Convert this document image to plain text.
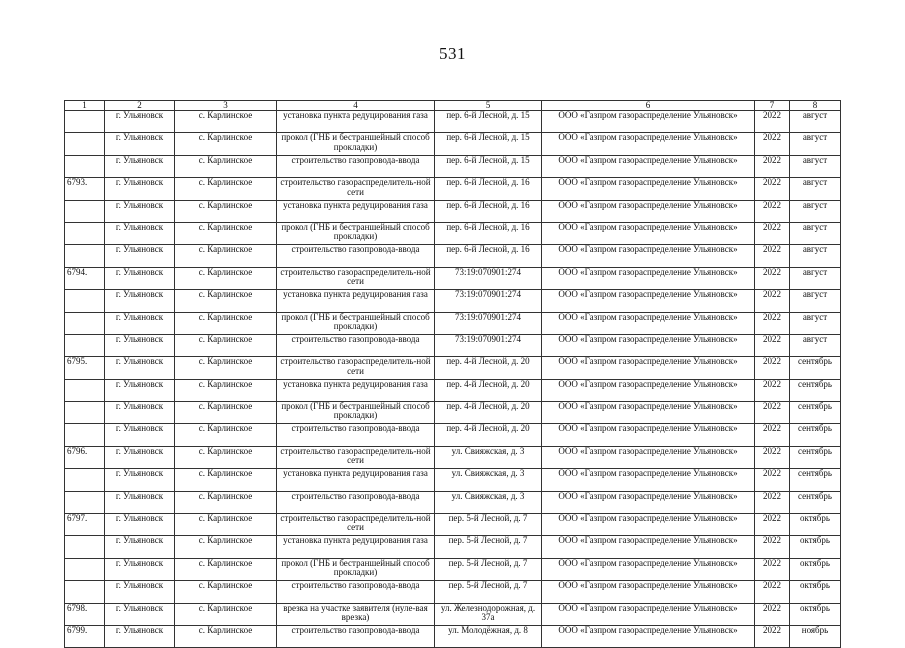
531
1	2	3	4	5	6	7	8
	г. Ульяновск	с. Карлинское	установка пункта редуцирования газа	пер. 6-й Лесной, д. 15	ООО «Газпром газораспределение Ульяновск»	2022	август
	г. Ульяновск	с. Карлинское	прокол (ГНБ и бестраншейный способ прокладки)	пер. 6-й Лесной, д. 15	ООО «Газпром газораспределение Ульяновск»	2022	август
	г. Ульяновск	с. Карлинское	строительство газопровода-ввода	пер. 6-й Лесной, д. 15	ООО «Газпром газораспределение Ульяновск»	2022	август
6793.	г. Ульяновск	с. Карлинское	строительство газораспределитель-ной сети	пер. 6-й Лесной, д. 16	ООО «Газпром газораспределение Ульяновск»	2022	август
	г. Ульяновск	с. Карлинское	установка пункта редуцирования газа	пер. 6-й Лесной, д. 16	ООО «Газпром газораспределение Ульяновск»	2022	август
	г. Ульяновск	с. Карлинское	прокол (ГНБ и бестраншейный способ прокладки)	пер. 6-й Лесной, д. 16	ООО «Газпром газораспределение Ульяновск»	2022	август
	г. Ульяновск	с. Карлинское	строительство газопровода-ввода	пер. 6-й Лесной, д. 16	ООО «Газпром газораспределение Ульяновск»	2022	август
6794.	г. Ульяновск	с. Карлинское	строительство газораспределитель-ной сети	73:19:070901:274	ООО «Газпром газораспределение Ульяновск»	2022	август
	г. Ульяновск	с. Карлинское	установка пункта редуцирования газа	73:19:070901:274	ООО «Газпром газораспределение Ульяновск»	2022	август
	г. Ульяновск	с. Карлинское	прокол (ГНБ и бестраншейный способ прокладки)	73:19:070901:274	ООО «Газпром газораспределение Ульяновск»	2022	август
	г. Ульяновск	с. Карлинское	строительство газопровода-ввода	73:19:070901:274	ООО «Газпром газораспределение Ульяновск»	2022	август
6795.	г. Ульяновск	с. Карлинское	строительство газораспределитель-ной сети	пер. 4-й Лесной, д. 20	ООО «Газпром газораспределение Ульяновск»	2022	сентябрь
	г. Ульяновск	с. Карлинское	установка пункта редуцирования газа	пер. 4-й Лесной, д. 20	ООО «Газпром газораспределение Ульяновск»	2022	сентябрь
	г. Ульяновск	с. Карлинское	прокол (ГНБ и бестраншейный способ прокладки)	пер. 4-й Лесной, д. 20	ООО «Газпром газораспределение Ульяновск»	2022	сентябрь
	г. Ульяновск	с. Карлинское	строительство газопровода-ввода	пер. 4-й Лесной, д. 20	ООО «Газпром газораспределение Ульяновск»	2022	сентябрь
6796.	г. Ульяновск	с. Карлинское	строительство газораспределитель-ной сети	ул. Свияжская, д. 3	ООО «Газпром газораспределение Ульяновск»	2022	сентябрь
	г. Ульяновск	с. Карлинское	установка пункта редуцирования газа	ул. Свияжская, д. 3	ООО «Газпром газораспределение Ульяновск»	2022	сентябрь
	г. Ульяновск	с. Карлинское	строительство газопровода-ввода	ул. Свияжская, д. 3	ООО «Газпром газораспределение Ульяновск»	2022	сентябрь
6797.	г. Ульяновск	с. Карлинское	строительство газораспределитель-ной сети	пер. 5-й Лесной, д. 7	ООО «Газпром газораспределение Ульяновск»	2022	октябрь
	г. Ульяновск	с. Карлинское	установка пункта редуцирования газа	пер. 5-й Лесной, д. 7	ООО «Газпром газораспределение Ульяновск»	2022	октябрь
	г. Ульяновск	с. Карлинское	прокол (ГНБ и бестраншейный способ прокладки)	пер. 5-й Лесной, д. 7	ООО «Газпром газораспределение Ульяновск»	2022	октябрь
	г. Ульяновск	с. Карлинское	строительство газопровода-ввода	пер. 5-й Лесной, д. 7	ООО «Газпром газораспределение Ульяновск»	2022	октябрь
6798.	г. Ульяновск	с. Карлинское	врезка на участке заявителя (нуле-вая врезка)	ул. Железнодорожная, д. 37а	ООО «Газпром газораспределение Ульяновск»	2022	октябрь
6799.	г. Ульяновск	с. Карлинское	строительство газопровода-ввода	ул. Молодёжная, д. 8	ООО «Газпром газораспределение Ульяновск»	2022	ноябрь
